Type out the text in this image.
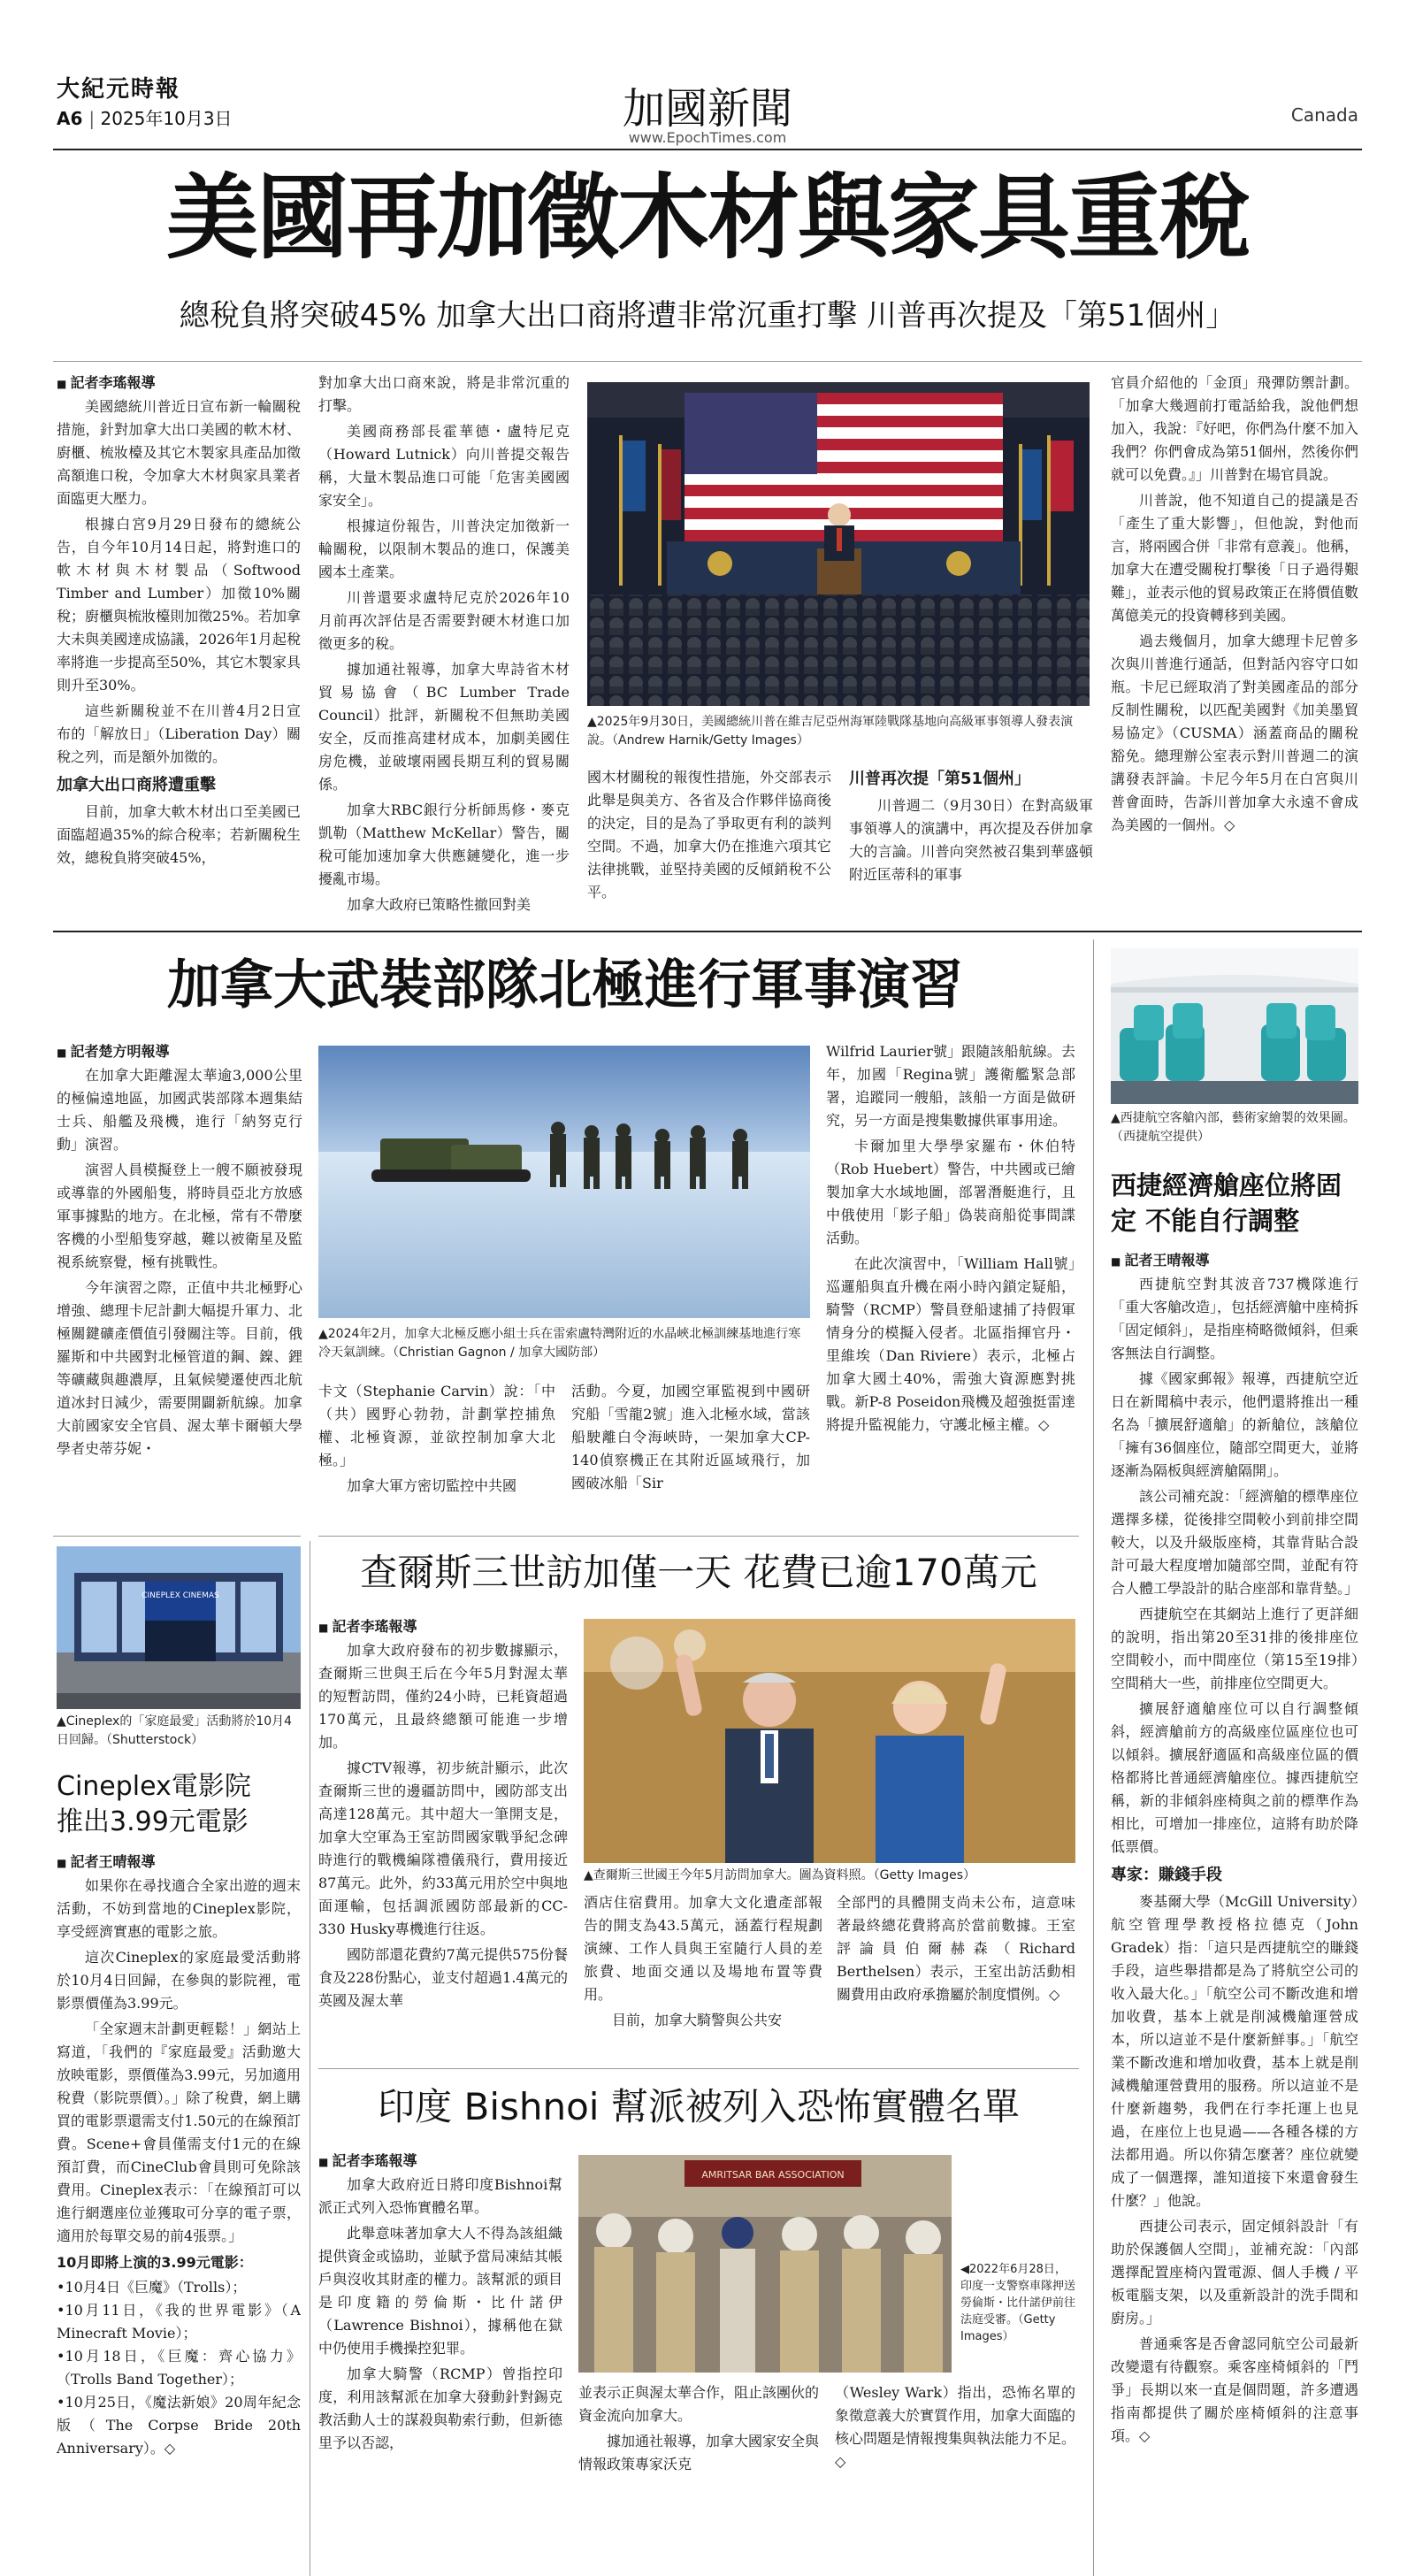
大紀元時報
A6 | 2025年10月3日	加國新聞
www.EpochTimes.com
Canada
美國再加徵木材與家具重稅
總稅負將突破45% 加拿大出口商將遭非常沉重打擊 川普再次提及「第51個州」
■ 記者李瑤報導

美國總統川普近日宣布新一輪關稅措施，針對加拿大出口美國的軟木材、廚櫃、梳妝檯及其它木製家具產品加徵高額進口稅，令加拿大木材與家具業者面臨更大壓力。

根據白宮9月29日發布的總統公告，自今年10月14日起，將對進口的軟木材與木材製品（Softwood Timber and Lumber）加徵10%關稅；廚櫃與梳妝檯則加徵25%。若加拿大未與美國達成協議，2026年1月起稅率將進一步提高至50%，其它木製家具則升至30%。

這些新關稅並不在川普4月2日宣布的「解放日」（Liberation Day）關稅之列，而是額外加徵的。

加拿大出口商將遭重擊

目前，加拿大軟木材出口至美國已面臨超過35%的綜合稅率；若新關稅生效，總稅負將突破45%，

對加拿大出口商來說，將是非常沉重的打擊。

美國商務部長霍華德・盧特尼克（Howard Lutnick）向川普提交報告稱，大量木製品進口可能「危害美國國家安全」。

根據這份報告，川普決定加徵新一輪關稅，以限制木製品的進口，保護美國本土產業。

川普還要求盧特尼克於2026年10月前再次評估是否需要對硬木材進口加徵更多的稅。

據加通社報導，加拿大卑詩省木材貿易協會（BC Lumber Trade Council）批評，新關稅不但無助美國安全，反而推高建材成本，加劇美國住房危機，並破壞兩國長期互利的貿易關係。

加拿大RBC銀行分析師馬修・麥克凱勒（Matthew McKellar）警告，關稅可能加速加拿大供應鏈變化，進一步擾亂市場。

加拿大政府已策略性撤回對美

▲2025年9月30日，美國總統川普在維吉尼亞州海軍陸戰隊基地向高級軍事領導人發表演說。（Andrew Harnik/Getty Images）

國木材關稅的報復性措施，外交部表示此舉是與美方、各省及合作夥伴協商後的決定，目的是為了爭取更有利的談判空間。不過，加拿大仍在推進六項其它法律挑戰，並堅持美國的反傾銷稅不公平。

川普再次提「第51個州」

川普週二（9月30日）在對高級軍事領導人的演講中，再次提及吞併加拿大的言論。川普向突然被召集到華盛頓附近匡蒂科的軍事

官員介紹他的「金頂」飛彈防禦計劃。「加拿大幾週前打電話給我，說他們想加入，我說：『好吧，你們為什麼不加入我們？你們會成為第51個州，然後你們就可以免費。』」川普對在場官員說。

川普說，他不知道自己的提議是否「產生了重大影響」，但他說，對他而言，將兩國合併「非常有意義」。他稱，加拿大在遭受關稅打擊後「日子過得艱難」，並表示他的貿易政策正在將價值數萬億美元的投資轉移到美國。

過去幾個月，加拿大總理卡尼曾多次與川普進行通話，但對話內容守口如瓶。卡尼已經取消了對美國產品的部分反制性關稅，以匹配美國對《加美墨貿易協定》（CUSMA）涵蓋商品的關稅豁免。總理辦公室表示對川普週二的演講發表評論。卡尼今年5月在白宮與川普會面時，告訴川普加拿大永遠不會成為美國的一個州。◇

加拿大武裝部隊北極進行軍事演習
■ 記者楚方明報導

在加拿大距離渥太華逾3,000公里的極偏遠地區，加國武裝部隊本週集結士兵、船艦及飛機，進行「納努克行動」演習。

演習人員模擬登上一艘不願被發現或導靠的外國船隻，將時員亞北方放感軍事據點的地方。在北極，常有不帶麼客機的小型船隻穿越，難以被衛星及監視系統察覺，極有挑戰性。

今年演習之際，正值中共北極野心增強、總理卡尼計劃大幅提升軍力、北極關鍵礦產價值引發關注等。目前，俄羅斯和中共國對北極管道的鋼、鎳、鋰等礦藏與趣濃厚，且氣候變遷使西北航道冰封日減少，需要開闢新航線。加拿大前國家安全官員、渥太華卡爾頓大學學者史蒂芬妮・

▲2024年2月，加拿大北極反應小組士兵在雷索盧特灣附近的水晶峽北極訓練基地進行寒冷天氣訓練。（Christian Gagnon / 加拿大國防部）

卡文（Stephanie Carvin）說：「中（共）國野心勃勃，計劃掌控捕魚權、北極資源，並欲控制加拿大北極。」

加拿大軍方密切監控中共國

活動。今夏，加國空軍監視到中國研究船「雪龍2號」進入北極水域，當該船駛離白令海峽時，一架加拿大CP-140偵察機正在其附近區域飛行，加國破冰船「Sir

Wilfrid Laurier號」跟隨該船航線。去年，加國「Regina號」護衛艦緊急部署，追蹤同一艘船，該船一方面是做研究，另一方面是搜集數據供軍事用途。

卡爾加里大學學家羅布・休伯特（Rob Huebert）警告，中共國或已繪製加拿大水域地圖，部署潛艇進行，且中俄使用「影子船」偽裝商船從事間諜活動。

在此次演習中，「William Hall號」巡邏船與直升機在兩小時內鎖定疑船，騎警（RCMP）警員登船逮捕了持假軍情身分的模擬入侵者。北區指揮官丹・里維埃（Dan Riviere）表示，北極占加拿大國土40%，需強大資源應對挑戰。新P-8 Poseidon飛機及超強挺雷達將提升監視能力，守護北極主權。◇

▲西捷航空客艙內部，藝術家繪製的效果圖。（西捷航空提供）
西捷經濟艙座位將固定 不能自行調整
■ 記者王晴報導

西捷航空對其波音737機隊進行「重大客艙改造」，包括經濟艙中座椅拆「固定傾斜」，是指座椅略微傾斜，但乘客無法自行調整。

據《國家郵報》報導，西捷航空近日在新聞稿中表示，他們還將推出一種名為「擴展舒適艙」的新艙位，該艙位「擁有36個座位，隨部空間更大，並將逐漸為隔板與經濟艙隔開」。

該公司補充說：「經濟艙的標準座位選擇多樣，從後排空間較小到前排空間較大，以及升級版座椅，其靠背貼合設計可最大程度增加隨部空間，並配有符合人體工學設計的貼合座部和靠背墊。」

西捷航空在其網站上進行了更詳細的說明，指出第20至31排的後排座位空間較小，而中間座位（第15至19排）空間稍大一些，前排座位空間更大。

擴展舒適艙座位可以自行調整傾斜，經濟艙前方的高級座位區座位也可以傾斜。擴展舒適區和高級座位區的價格都將比普通經濟艙座位。據西捷航空稱，新的非傾斜座椅與之前的標準作為相比，可增加一排座位，這將有助於降低票價。

專家：賺錢手段

麥基爾大學（McGill University）航空管理學教授格拉德克（John Gradek）指：「這只是西捷航空的賺錢手段，這些舉措都是為了將航空公司的收入最大化。」「航空公司不斷改進和增加收費，基本上就是削減機艙運營成本，所以這並不是什麼新鮮事。」「航空業不斷改進和增加收費，基本上就是削減機艙運營費用的服務。所以這並不是什麼新趨勢，我們在行李托運上也見過，在座位上也見過——各種各樣的方法都用過。所以你猜怎麼著？座位就變成了一個選擇，誰知道接下來還會發生什麼？」他說。

西捷公司表示，固定傾斜設計「有助於保護個人空間」，並補充說：「內部選擇配置座椅內置電源、個人手機 / 平板電腦支架，以及重新設計的洗手間和廚房。」

普通乘客是否會認同航空公司最新改變還有待觀察。乘客座椅傾斜的「鬥爭」長期以來一直是個問題，許多遭遇指南都提供了關於座椅傾斜的注意事項。◇

CINEPLEX CINEMAS
▲Cineplex的「家庭最愛」活動將於10月4日回歸。（Shutterstock）
Cineplex電影院
推出3.99元電影
■ 記者王晴報導

如果你在尋找適合全家出遊的週末活動，不妨到當地的Cineplex影院，享受經濟實惠的電影之旅。

這次Cineplex的家庭最愛活動將於10月4日回歸，在參與的影院裡，電影票價僅為3.99元。

「全家週末計劃更輕鬆！」網站上寫道，「我們的『家庭最愛』活動邀大放映電影，票價僅為3.99元，另加適用稅費（影院票價）。」除了稅費，網上購買的電影票還需支付1.50元的在線預訂費。Scene+會員僅需支付1元的在線預訂費，而CineClub會員則可免除該費用。Cineplex表示：「在線預訂可以進行網選座位並獲取可分享的電子票，適用於每單交易的前4張票。」

10月即將上演的3.99元電影：
•10月4日《巨魔》（Trolls）；
•10月11日，《我的世界電影》（A Minecraft Movie）；
•10月18日，《巨魔：齊心協力》（Trolls Band Together）；
•10月25日，《魔法新娘》20周年紀念版（The Corpse Bride 20th Anniversary）。◇
查爾斯三世訪加僅一天 花費已逾170萬元
■ 記者李瑤報導

加拿大政府發布的初步數據顯示，查爾斯三世與王后在今年5月對渥太華的短暫訪問，僅約24小時，已耗資超過170萬元，且最終總額可能進一步增加。

據CTV報導，初步統計顯示，此次查爾斯三世的邊疆訪問中，國防部支出高達128萬元。其中超大一筆開支是，加拿大空軍為王室訪問國家戰爭紀念碑時進行的戰機編隊禮儀飛行，費用接近87萬元。此外，約33萬元用於空中與地面運輸，包括調派國防部最新的CC-330 Husky專機進行往返。

國防部還花費約7萬元提供575份餐食及228份點心，並支付超過1.4萬元的英國及渥太華

▲查爾斯三世國王今年5月訪問加拿大。圖為資料照。（Getty Images）

酒店住宿費用。加拿大文化遺產部報告的開支為43.5萬元，涵蓋行程規劃演練、工作人員與王室隨行人員的差旅費、地面交通以及場地布置等費用。

目前，加拿大騎警與公共安

全部門的具體開支尚未公布，這意味著最終總花費將高於當前數據。王室評論員伯爾赫森（Richard Berthelsen）表示，王室出訪活動相關費用由政府承擔屬於制度慣例。◇

印度 Bishnoi 幫派被列入恐怖實體名單
■ 記者李瑤報導

加拿大政府近日將印度Bishnoi幫派正式列入恐怖實體名單。

此舉意味著加拿大人不得為該組織提供資金或協助，並賦予當局凍結其帳戶與沒收其財產的權力。該幫派的頭目是印度籍的勞倫斯・比什諾伊（Lawrence Bishnoi），據稱他在獄中仍使用手機操控犯罪。

加拿大騎警（RCMP）曾指控印度，利用該幫派在加拿大發動針對錫克教活動人士的謀殺與勒索行動，但新德里予以否認，

AMRITSAR BAR ASSOCIATION
◀2022年6月28日，印度一支警察車隊押送勞倫斯・比什諾伊前往法庭受審。（Getty Images）

並表示正與渥太華合作，阻止該團伙的資金流向加拿大。

據加通社報導，加拿大國家安全與情報政策專家沃克

（Wesley Wark）指出，恐怖名單的象徵意義大於實質作用，加拿大面臨的核心問題是情報搜集與執法能力不足。◇
